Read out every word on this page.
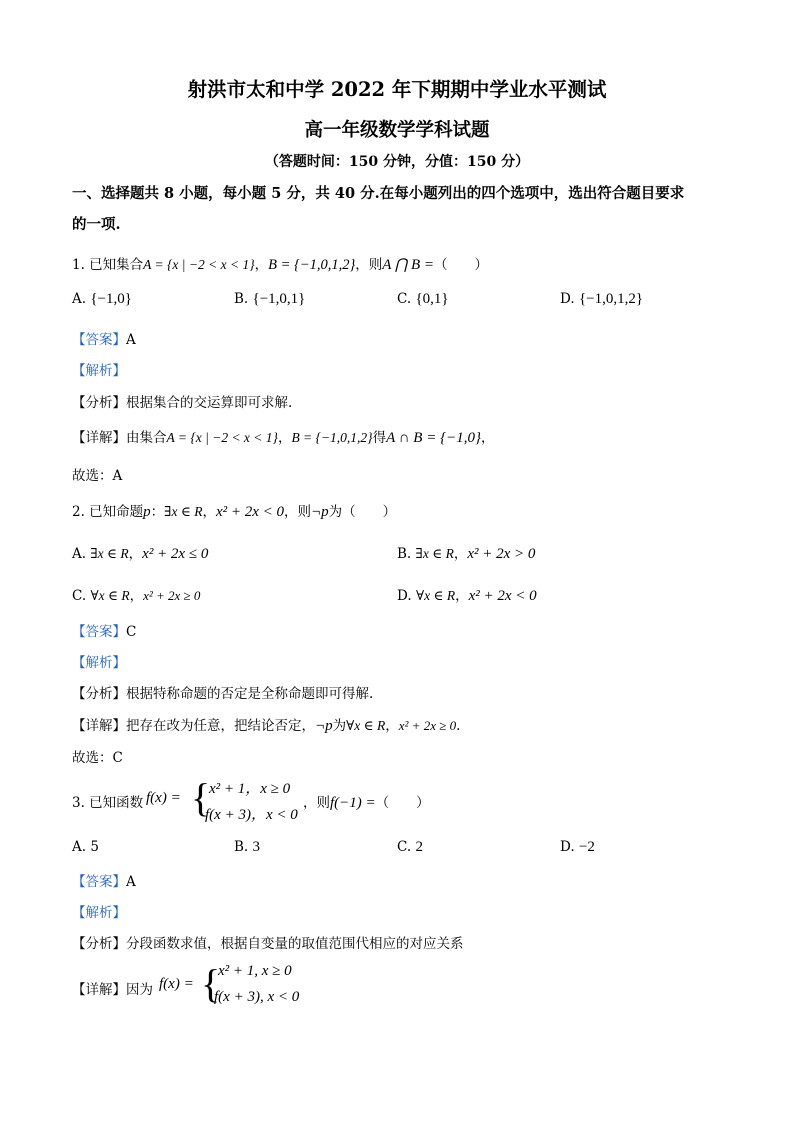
射洪市太和中学 2022 年下期期中学业水平测试
高一年级数学学科试题
（答题时间：150 分钟，分值：150 分）
一、选择题共 8 小题，每小题 5 分，共 40 分.在每小题列出的四个选项中，选出符合题目要求
的一项.
1. 已知集合A = {x | −2 < x < 1}，B = {−1,0,1,2}，则A ⋂ B =（　　）
A. {−1,0}	B. {−1,0,1}	C. {0,1}	D. {−1,0,1,2}
【答案】A
【解析】
【分析】根据集合的交运算即可求解.
【详解】由集合A = {x | −2 < x < 1}，B = {−1,0,1,2}得A ∩ B = {−1,0}，
故选：A
2. 已知命题p：∃x ∈ R，x² + 2x < 0，则¬p为（　　）
A. ∃x ∈ R，x² + 2x ≤ 0	B. ∃x ∈ R，x² + 2x > 0
C. ∀x ∈ R，x² + 2x ≥ 0	D. ∀x ∈ R，x² + 2x < 0
【答案】C
【解析】
【分析】根据特称命题的否定是全称命题即可得解.
【详解】把存在改为任意，把结论否定，¬p为∀x ∈ R，x² + 2x ≥ 0.
故选：C
3. 已知函数 f(x) = {
x² + 1，x ≥ 0
f(x + 3)，x < 0
，则f(−1) =（　　）
A. 5	B. 3	C. 2	D. −2
【答案】A
【解析】
【分析】分段函数求值，根据自变量的取值范围代相应的对应关系
【详解】因为 f(x) = {
x² + 1, x ≥ 0
f(x + 3), x < 0
